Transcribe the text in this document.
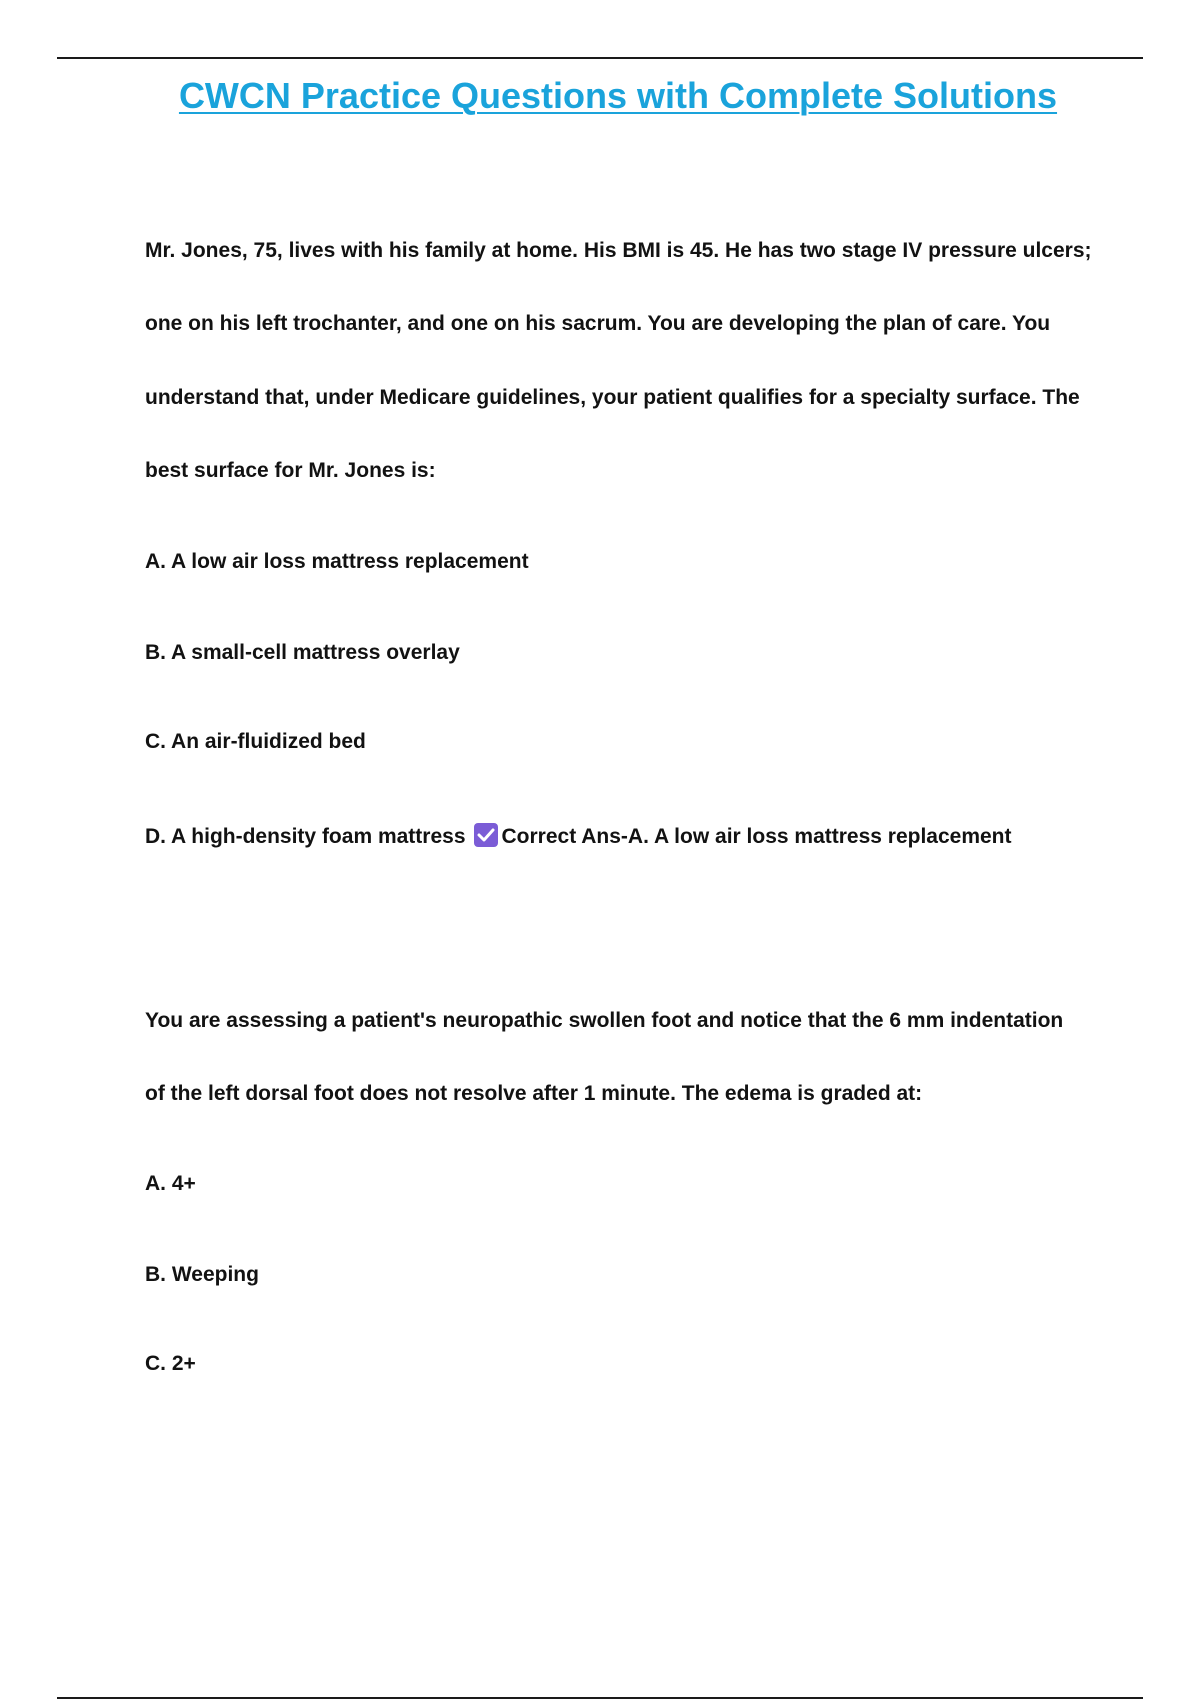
CWCN Practice Questions with Complete Solutions
Mr. Jones, 75, lives with his family at home. His BMI is 45. He has two stage IV pressure ulcers;
one on his left trochanter, and one on his sacrum. You are developing the plan of care. You
understand that, under Medicare guidelines, your patient qualifies for a specialty surface. The
best surface for Mr. Jones is:
A. A low air loss mattress replacement
B. A small-cell mattress overlay
C. An air-fluidized bed
D. A high-density foam mattress Correct Ans-A. A low air loss mattress replacement
You are assessing a patient's neuropathic swollen foot and notice that the 6 mm indentation
of the left dorsal foot does not resolve after 1 minute. The edema is graded at:
A. 4+
B. Weeping
C. 2+
